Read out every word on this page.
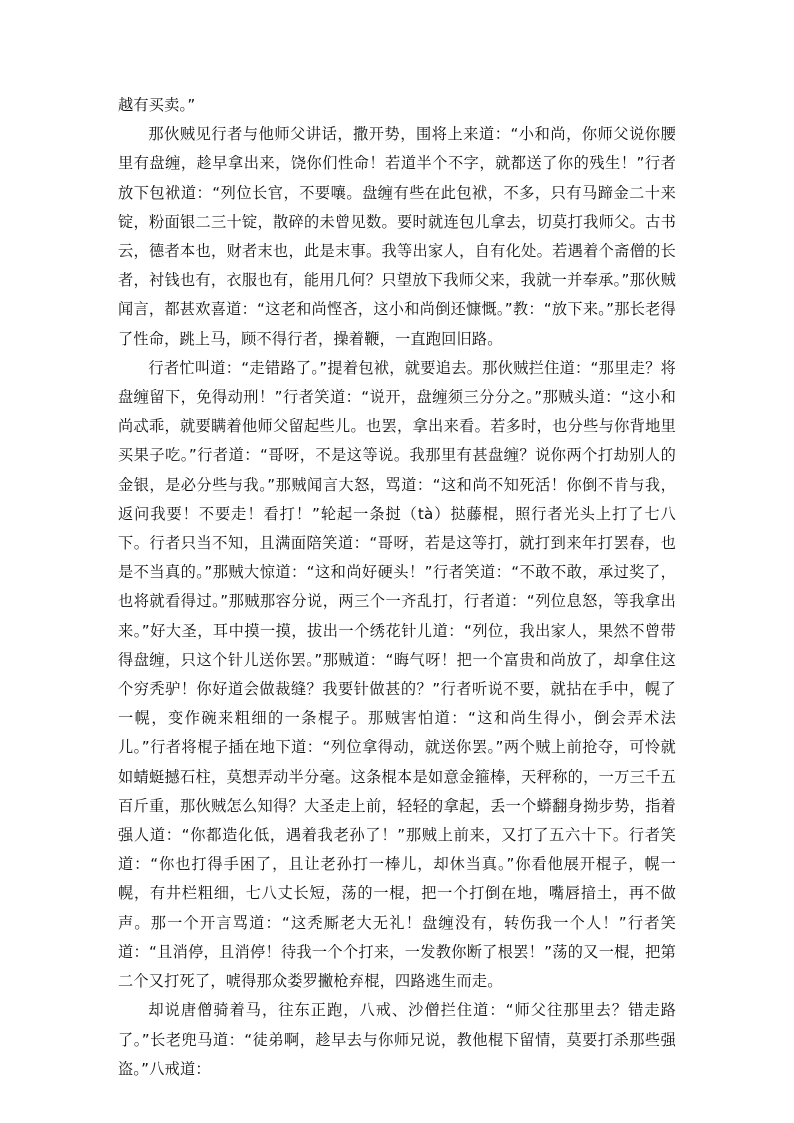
越有买卖。”

那伙贼见行者与他师父讲话，撒开势，围将上来道：“小和尚，你师父说你腰里有盘缠，趁早拿出来，饶你们性命！若道半个不字，就都送了你的残生！”行者放下包袱道：“列位长官，不要嚷。盘缠有些在此包袱，不多，只有马蹄金二十来锭，粉面银二三十锭，散碎的未曾见数。要时就连包儿拿去，切莫打我师父。古书云，德者本也，财者末也，此是末事。我等出家人，自有化处。若遇着个斋僧的长者，衬钱也有，衣服也有，能用几何？只望放下我师父来，我就一并奉承。”那伙贼闻言，都甚欢喜道：“这老和尚悭吝，这小和尚倒还慷慨。”教：“放下来。”那长老得了性命，跳上马，顾不得行者，操着鞭，一直跑回旧路。

行者忙叫道：“走错路了。”提着包袱，就要追去。那伙贼拦住道：“那里走？将盘缠留下，免得动刑！”行者笑道：“说开，盘缠须三分分之。”那贼头道：“这小和尚忒乖，就要瞒着他师父留起些儿。也罢，拿出来看。若多时，也分些与你背地里买果子吃。”行者道：“哥呀，不是这等说。我那里有甚盘缠？说你两个打劫别人的金银，是必分些与我。”那贼闻言大怒，骂道：“这和尚不知死活！你倒不肯与我，返问我要！不要走！看打！”轮起一条挝（tà）挞藤棍，照行者光头上打了七八下。行者只当不知，且满面陪笑道：“哥呀，若是这等打，就打到来年打罢春，也是不当真的。”那贼大惊道：“这和尚好硬头！”行者笑道：“不敢不敢，承过奖了，也将就看得过。”那贼那容分说，两三个一齐乱打，行者道：“列位息怒，等我拿出来。”好大圣，耳中摸一摸，拔出一个绣花针儿道：“列位，我出家人，果然不曾带得盘缠，只这个针儿送你罢。”那贼道：“晦气呀！把一个富贵和尚放了，却拿住这个穷秃驴！你好道会做裁缝？我要针做甚的？”行者听说不要，就拈在手中，幌了一幌，变作碗来粗细的一条棍子。那贼害怕道：“这和尚生得小，倒会弄术法儿。”行者将棍子插在地下道：“列位拿得动，就送你罢。”两个贼上前抢夺，可怜就如蜻蜓撼石柱，莫想弄动半分毫。这条棍本是如意金箍棒，天秤称的，一万三千五百斤重，那伙贼怎么知得？大圣走上前，轻轻的拿起，丢一个蟒翻身拗步势，指着强人道：“你都造化低，遇着我老孙了！”那贼上前来，又打了五六十下。行者笑道：“你也打得手困了，且让老孙打一棒儿，却休当真。”你看他展开棍子，幌一幌，有井栏粗细，七八丈长短，荡的一棍，把一个打倒在地，嘴唇揞土，再不做声。那一个开言骂道：“这秃厮老大无礼！盘缠没有，转伤我一个人！”行者笑道：“且消停，且消停！待我一个个打来，一发教你断了根罢！”荡的又一棍，把第二个又打死了，唬得那众娄罗撇枪弃棍，四路逃生而走。

却说唐僧骑着马，往东正跑，八戒、沙僧拦住道：“师父往那里去？错走路了。”长老兜马道：“徒弟啊，趁早去与你师兄说，教他棍下留情，莫要打杀那些强盗。”八戒道：
